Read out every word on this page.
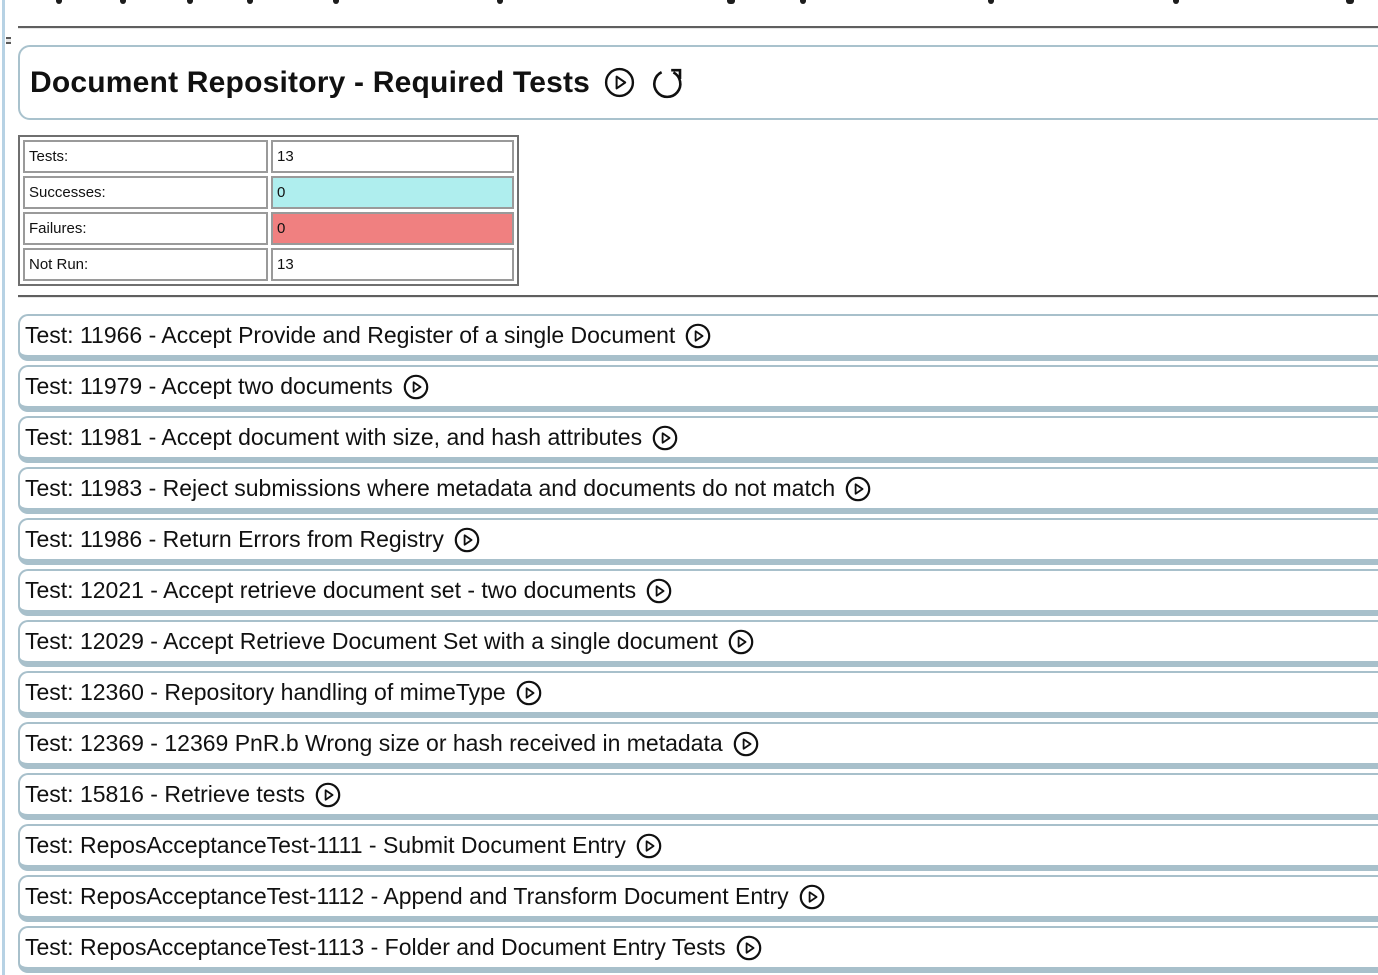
Document Repository - Required Tests
Tests:	13
Successes:	0
Failures:	0
Not Run:	13
Test: 11966 - Accept Provide and Register of a single Document
Test: 11979 - Accept two documents
Test: 11981 - Accept document with size, and hash attributes
Test: 11983 - Reject submissions where metadata and documents do not match
Test: 11986 - Return Errors from Registry
Test: 12021 - Accept retrieve document set - two documents
Test: 12029 - Accept Retrieve Document Set with a single document
Test: 12360 - Repository handling of mimeType
Test: 12369 - 12369 PnR.b Wrong size or hash received in metadata
Test: 15816 - Retrieve tests
Test: ReposAcceptanceTest-1111 - Submit Document Entry
Test: ReposAcceptanceTest-1112 - Append and Transform Document Entry
Test: ReposAcceptanceTest-1113 - Folder and Document Entry Tests
